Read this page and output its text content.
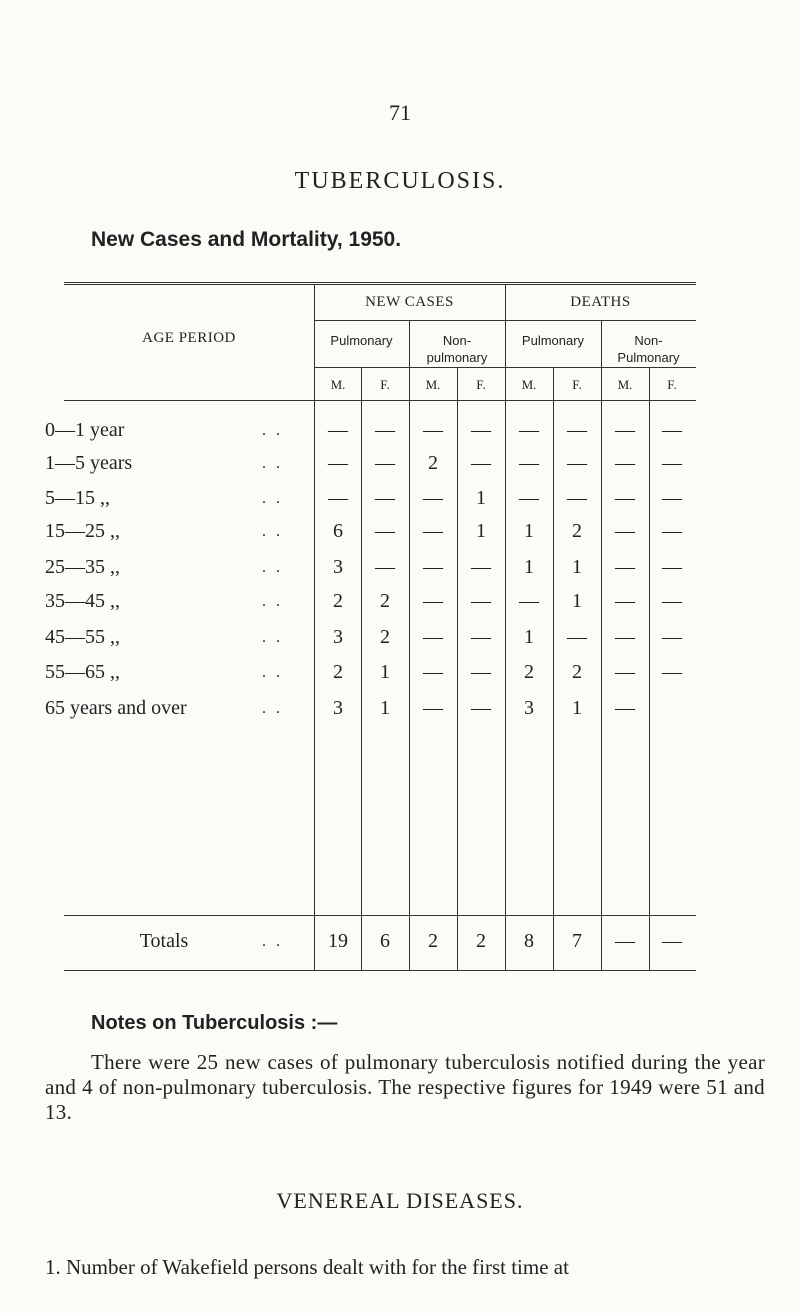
71
TUBERCULOSIS.
New Cases and Mortality, 1950.
AGE PERIOD
NEW CASES	DEATHS
Pulmonary	Non-
pulmonary
Pulmonary	Non-
Pulmonary
M.	F.	M.	F.	M.	F.	M.	F.
0—1 year	. .	—	—	—	—	—	—	—	—
1—5 years	. .	—	—	2	—	—	—	—	—
5—15 ,,	. .	—	—	—	1	—	—	—	—
15—25 ,,	. .	6	—	—	1	1	2	—	—
25—35 ,,	. .	3	—	—	—	1	1	—	—
35—45 ,,	. .	2	2	—	—	—	1	—	—
45—55 ,,	. .	3	2	—	—	1	—	—	—
55—65 ,,	. .	2	1	—	—	2	2	—	—
65 years and over	. .	3	1	—	—	3	1	—
Totals	. .	19	6	2	2	8	7	—	—
Notes on Tuberculosis :—
There were 25 new cases of pulmonary tuberculosis notified during the year and 4 of non-pulmonary tuberculosis. The respective figures for 1949 were 51 and 13.
VENEREAL DISEASES.
1. Number of Wakefield persons dealt with for the first time at
